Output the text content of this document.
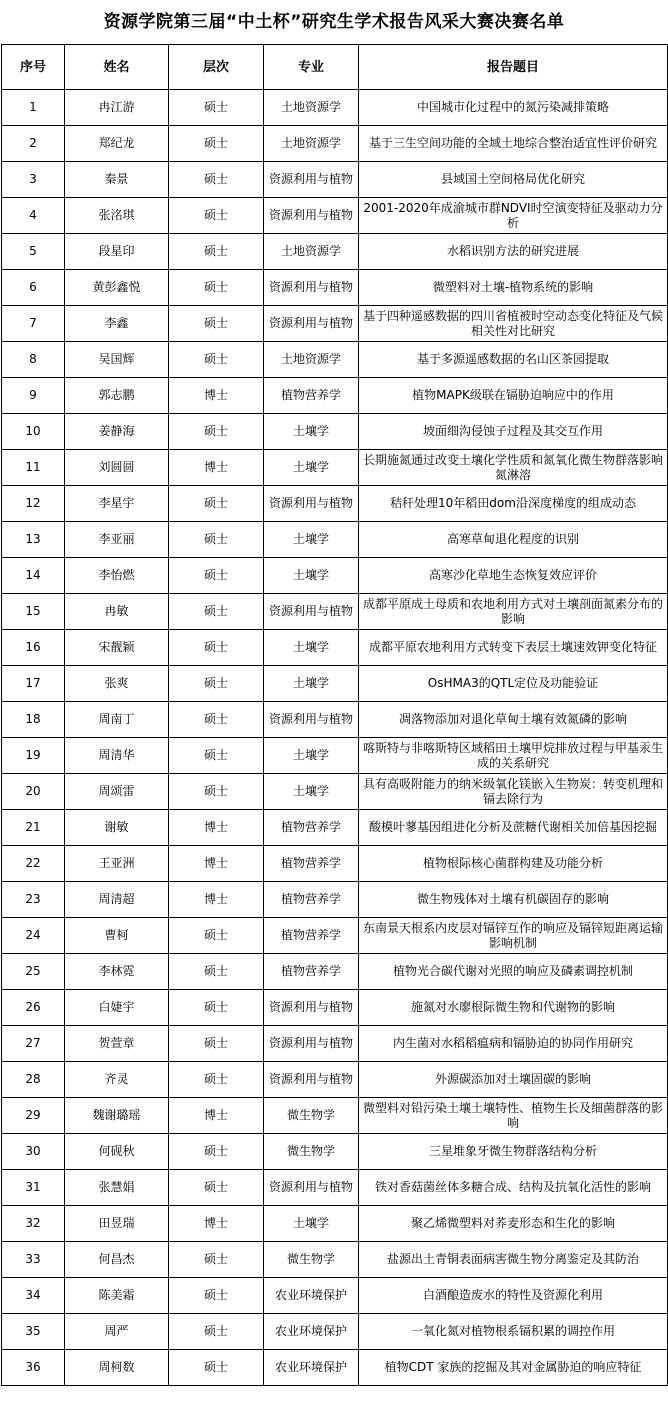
资源学院第三届“中土杯”研究生学术报告风采大赛决赛名单
序号	姓名	层次	专业	报告题目
1	冉江游	硕士	土地资源学	中国城市化过程中的氮污染减排策略
2	郑纪龙	硕士	土地资源学	基于三生空间功能的全域土地综合整治适宜性评价研究
3	秦景	硕士	资源利用与植物	县域国土空间格局优化研究
4	张洺琪	硕士	资源利用与植物	2001-2020年成渝城市群NDVI时空演变特征及驱动力分析
5	段星印	硕士	土地资源学	水稻识别方法的研究进展
6	黄彭鑫悦	硕士	资源利用与植物	微塑料对土壤-植物系统的影响
7	李鑫	硕士	资源利用与植物	基于四种遥感数据的四川省植被时空动态变化特征及气候相关性对比研究
8	吴国辉	硕士	土地资源学	基于多源遥感数据的名山区茶园提取
9	郭志鹏	博士	植物营养学	植物MAPK级联在镉胁迫响应中的作用
10	姜静海	硕士	土壤学	坡面细沟侵蚀子过程及其交互作用
11	刘圆圆	博士	土壤学	长期施氮通过改变土壤化学性质和氮氧化微生物群落影响氮淋溶
12	李星宇	硕士	资源利用与植物	秸秆处理10年稻田dom沿深度梯度的组成动态
13	李亚丽	硕士	土壤学	高寒草甸退化程度的识别
14	李怡燃	硕士	土壤学	高寒沙化草地生态恢复效应评价
15	冉敏	硕士	资源利用与植物	成都平原成土母质和农地利用方式对土壤剖面氮素分布的影响
16	宋靓颖	硕士	土壤学	成都平原农地利用方式转变下表层土壤速效钾变化特征
17	张爽	硕士	土壤学	OsHMA3的QTL定位及功能验证
18	周南丁	硕士	资源利用与植物	凋落物添加对退化草甸土壤有效氮磷的影响
19	周清华	硕士	土壤学	喀斯特与非喀斯特区域稻田土壤甲烷排放过程与甲基汞生成的关系研究
20	周颂雷	硕士	土壤学	具有高吸附能力的纳米级氧化镁嵌入生物炭：转变机理和镉去除行为
21	谢敏	博士	植物营养学	酸模叶蓼基因组进化分析及蔗糖代谢相关加倍基因挖掘
22	王亚洲	博士	植物营养学	植物根际核心菌群构建及功能分析
23	周清超	博士	植物营养学	微生物残体对土壤有机碳固存的影响
24	曹柯	硕士	植物营养学	东南景天根系内皮层对镉锌互作的响应及镉锌短距离运输影响机制
25	李林霓	硕士	植物营养学	植物光合碳代谢对光照的响应及磷素调控机制
26	白婕宇	硕士	资源利用与植物	施氮对水廖根际微生物和代谢物的影响
27	贺萱章	硕士	资源利用与植物	内生菌对水稻稻瘟病和镉胁迫的协同作用研究
28	齐灵	硕士	资源利用与植物	外源碳添加对土壤固碳的影响
29	魏谢璐瑶	博士	微生物学	微塑料对铅污染土壤土壤特性、植物生长及细菌群落的影响
30	何砚秋	硕士	微生物学	三星堆象牙微生物群落结构分析
31	张慧娟	硕士	资源利用与植物	铁对香菇菌丝体多糖合成、结构及抗氧化活性的影响
32	田昱瑞	博士	土壤学	聚乙烯微塑料对荞麦形态和生化的影响
33	何昌杰	硕士	微生物学	盐源出土青铜表面病害微生物分离鉴定及其防治
34	陈美霜	硕士	农业环境保护	白酒酿造废水的特性及资源化利用
35	周严	硕士	农业环境保护	一氧化氮对植物根系镉积累的调控作用
36	周柯数	硕士	农业环境保护	植物CDT 家族的挖掘及其对金属胁迫的响应特征
